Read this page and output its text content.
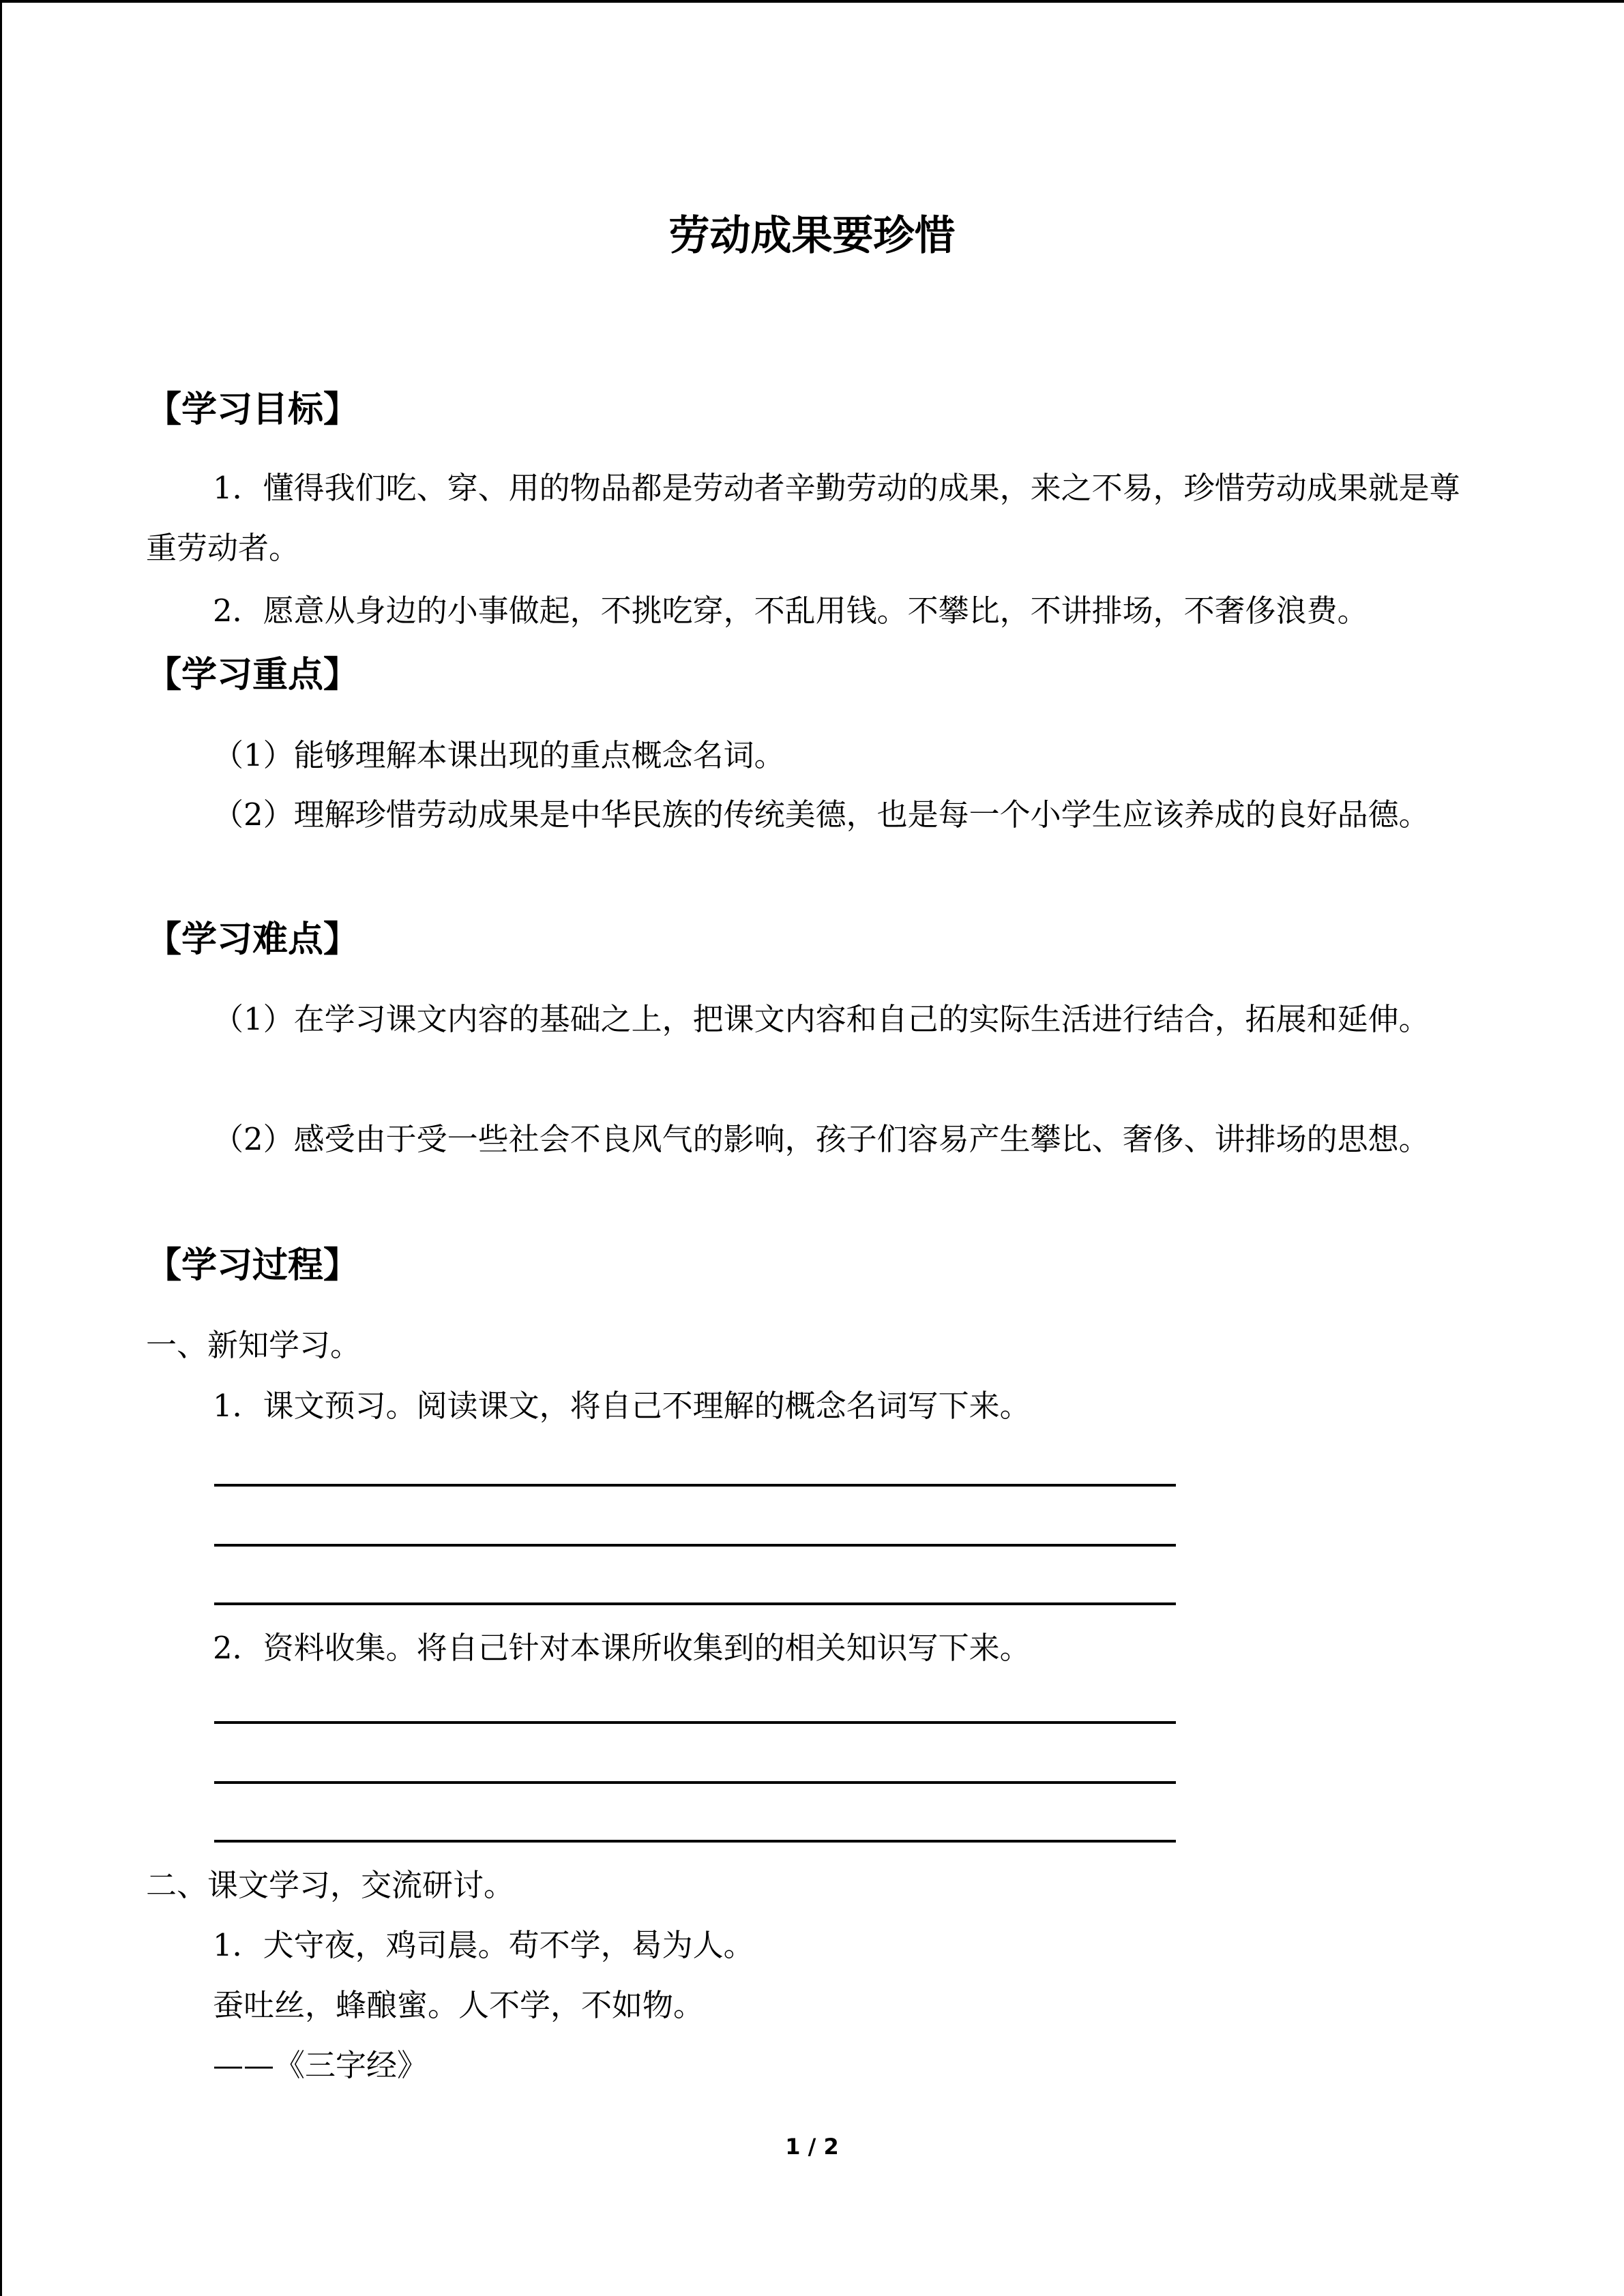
劳动成果要珍惜
【学习目标】
1．懂得我们吃、穿、用的物品都是劳动者辛勤劳动的成果，来之不易，珍惜劳动成果就是尊重劳动者。
2．愿意从身边的小事做起，不挑吃穿，不乱用钱。不攀比，不讲排场，不奢侈浪费。
【学习重点】
（1）能够理解本课出现的重点概念名词。
（2）理解珍惜劳动成果是中华民族的传统美德，也是每一个小学生应该养成的良好品德。
【学习难点】
（1）在学习课文内容的基础之上，把课文内容和自己的实际生活进行结合，拓展和延伸。
（2）感受由于受一些社会不良风气的影响，孩子们容易产生攀比、奢侈、讲排场的思想。
【学习过程】
一、新知学习。
1．课文预习。阅读课文，将自己不理解的概念名词写下来。
2．资料收集。将自己针对本课所收集到的相关知识写下来。
二、课文学习，交流研讨。
1．犬守夜，鸡司晨。苟不学，曷为人。
蚕吐丝，蜂酿蜜。人不学，不如物。
——《三字经》
1 / 2
